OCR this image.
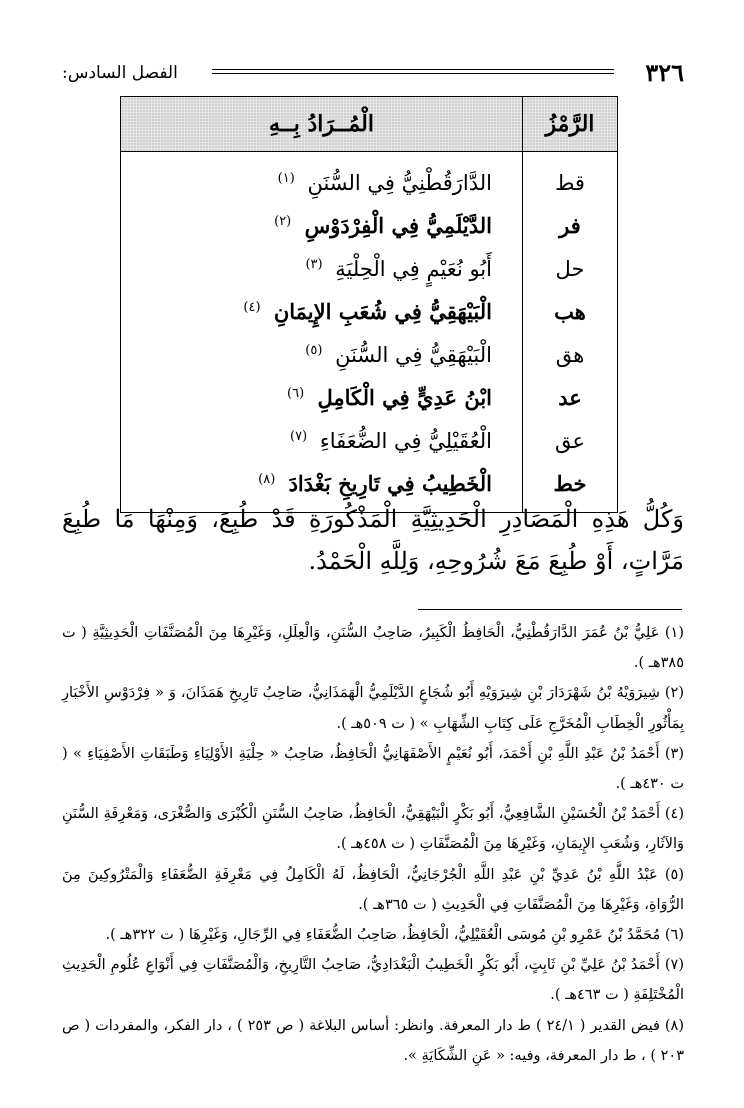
٣٢٦
الفصل السادس:
الرَّمْزُ	الْمُــرَادُ بِــهِ
قط	الدَّارَقُطْنِيُّ فِي السُّنَنِ $^{(١)}$
فر	الدَّيْلَمِيُّ فِي الْفِرْدَوْسِ $^{(٢)}$
حل	أَبُو نُعَيْمٍ فِي الْحِلْيَةِ $^{(٣)}$
هب	الْبَيْهَقِيُّ فِي شُعَبِ الإِيمَانِ $^{(٤)}$
هق	الْبَيْهَقِيُّ فِي السُّنَنِ $^{(٥)}$
عد	ابْنُ عَدِيٍّ فِي الْكَامِلِ $^{(٦)}$
عق	الْعُقَيْلِيُّ فِي الضُّعَفَاءِ $^{(٧)}$
خط	الْخَطِيبُ فِي تَارِيخِ بَغْدَادَ $^{(٨)}$

وَكُلُّ هَذِهِ الْمَصَادِرِ الْحَدِيثِيَّةِ الْمَذْكُورَةِ قَدْ طُبِعَ، وَمِنْهَا مَا طُبِعَ مَرَّاتٍ، أَوْ طُبِعَ مَعَ شُرُوحِهِ، وَلِلَّهِ الْحَمْدُ.

(١) عَلِيُّ بْنُ عُمَرَ الدَّارَقُطْنِيُّ، الْحَافِظُ الْكَبِيرُ، صَاحِبُ السُّنَنِ، وَالْعِلَلِ، وَغَيْرِهَا مِنَ الْمُصَنَّفَاتِ الْحَدِيثِيَّةِ ( ت ٣٨٥هـ ).

(٢) شِيرَوَيْهُ بْنُ شَهْرَدَارَ بْنِ شِيرَوَيْهِ أَبُو شُجَاعٍ الدَّيْلَمِيُّ الْهَمَذَانِيُّ، صَاحِبُ تَارِيخِ هَمَذَانَ، وَ « فِرْدَوْسِ الأَخْبَارِ بِمَأْثُورِ الْخِطَابِ الْمُخَرَّجِ عَلَى كِتَابِ الشِّهَابِ » ( ت ٥٠٩هـ ).

(٣) أَحْمَدُ بْنُ عَبْدِ اللَّهِ بْنِ أَحْمَدَ، أَبُو نُعَيْمٍ الأَصْفَهَانِيُّ الْحَافِظُ، صَاحِبُ « حِلْيَةِ الأَوْلِيَاءِ وَطَبَقَاتِ الأَصْفِيَاءِ » ( ت ٤٣٠هـ ).

(٤) أَحْمَدُ بْنُ الْحُسَيْنِ الشَّافِعِيُّ، أَبُو بَكْرٍ الْبَيْهَقِيُّ، الْحَافِظُ، صَاحِبُ السُّنَنِ الْكُبْرَى وَالصُّغْرَى، وَمَعْرِفَةِ السُّنَنِ وَالآثَارِ، وَشُعَبِ الإِيمَانِ، وَغَيْرِهَا مِنَ الْمُصَنَّفَاتِ ( ت ٤٥٨هـ ).

(٥) عَبْدُ اللَّهِ بْنُ عَدِيِّ بْنِ عَبْدِ اللَّهِ الْجُرْجَانِيُّ، الْحَافِظُ، لَهُ الْكَامِلُ فِي مَعْرِفَةِ الضُّعَفَاءِ وَالْمَتْرُوكِينَ مِنَ الرُّوَاةِ، وَغَيْرِهَا مِنَ الْمُصَنَّفَاتِ فِي الْحَدِيثِ ( ت ٣٦٥هـ ).

(٦) مُحَمَّدُ بْنُ عَمْرِو بْنِ مُوسَى الْعُقَيْلِيُّ، الْحَافِظُ، صَاحِبُ الضُّعَفَاءِ فِي الرِّجَالِ، وَغَيْرِهَا ( ت ٣٢٢هـ ).

(٧) أَحْمَدُ بْنُ عَلِيِّ بْنِ ثَابِتٍ، أَبُو بَكْرٍ الْخَطِيبُ الْبَغْدَادِيُّ، صَاحِبُ التَّارِيخِ، وَالْمُصَنَّفَاتِ فِي أَنْوَاعِ عُلُومِ الْحَدِيثِ الْمُخْتَلِفَةِ ( ت ٤٦٣هـ ).

(٨) فيض القدير ( ٢٤/١ ) ط دار المعرفة. وانظر: أساس البلاغة ( ص ٢٥٣ ) ، دار الفكر، والمفردات ( ص ٢٠٣ ) ، ط دار المعرفة، وفيه: « عَنِ الشِّكَايَةِ ».
